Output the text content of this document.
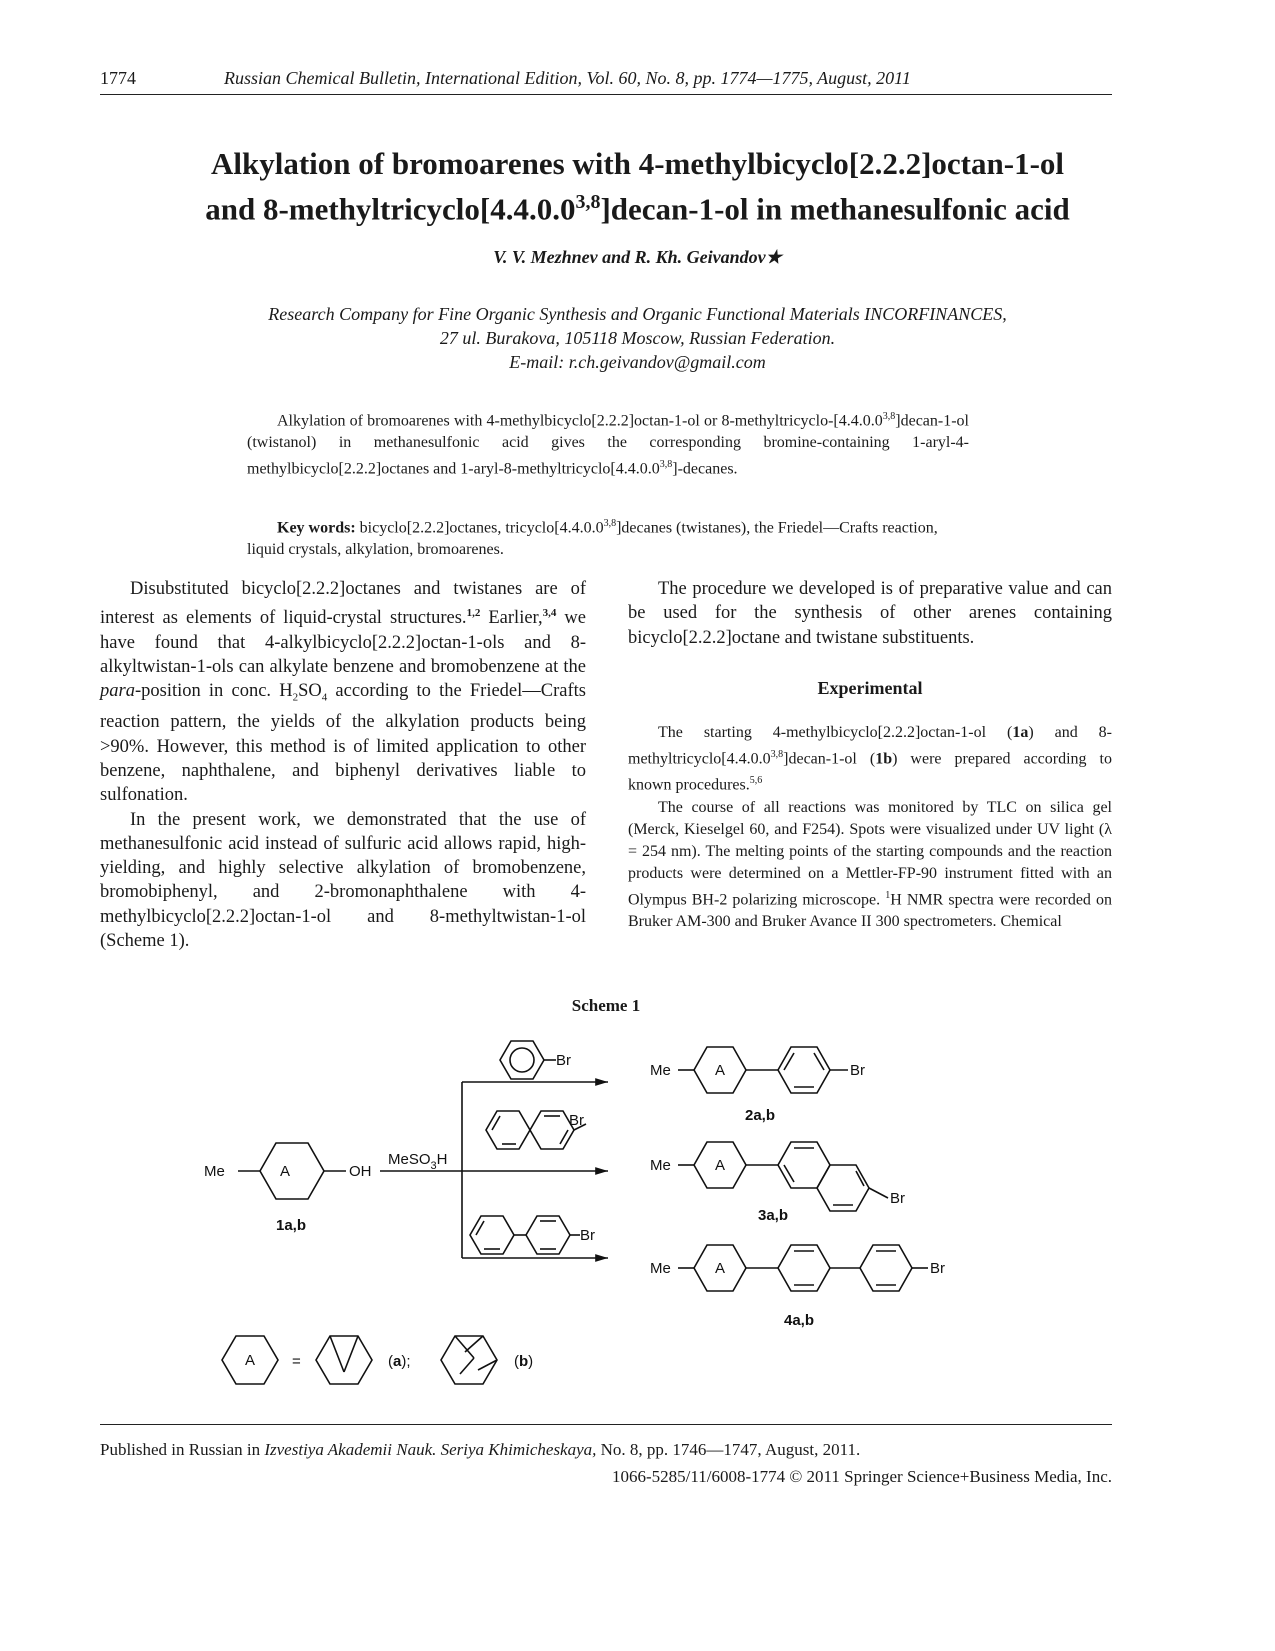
1774	Russian Chemical Bulletin, International Edition, Vol. 60, No. 8, pp. 1774—1775, August, 2011
Alkylation of bromoarenes with 4-methylbicyclo[2.2.2]octan-1-ol
and 8-methyltricyclo[4.4.0.0$^{3,8}$]decan-1-ol in methanesulfonic acid
V. V. Mezhnev and R. Kh. Geivandov★
Research Company for Fine Organic Synthesis and Organic Functional Materials INCORFINANCES,
27 ul. Burakova, 105118 Moscow, Russian Federation.
E-mail: r.ch.geivandov@gmail.com

Alkylation of bromoarenes with 4-methylbicyclo[2.2.2]octan-1-ol or 8-methyltricyclo-[4.4.0.0$^{3,8}$]decan-1-ol (twistanol) in methanesulfonic acid gives the corresponding bromine-containing 1-aryl-4-methylbicyclo[2.2.2]octanes and 1-aryl-8-methyltricyclo[4.4.0.0$^{3,8}$]-decanes.

Key words: bicyclo[2.2.2]octanes, tricyclo[4.4.0.0$^{3,8}$]decanes (twistanes), the Friedel—Crafts reaction, liquid crystals, alkylation, bromoarenes.

Disubstituted bicyclo[2.2.2]octanes and twistanes are of interest as elements of liquid-crystal structures.$^{1,2}$ Earlier,$^{3,4}$ we have found that 4-alkylbicyclo[2.2.2]octan-1-ols and 8-alkyltwistan-1-ols can alkylate benzene and bromobenzene at the para-position in conc. $H_2SO_4$ according to the Friedel—Crafts reaction pattern, the yields of the alkylation products being >90%. However, this method is of limited application to other benzene, naphthalene, and biphenyl derivatives liable to sulfonation.

In the present work, we demonstrated that the use of methanesulfonic acid instead of sulfuric acid allows rapid, high-yielding, and highly selective alkylation of bromobenzene, bromobiphenyl, and 2-bromonaphthalene with 4-methylbicyclo[2.2.2]octan-1-ol and 8-methyltwistan-1-ol (Scheme 1).

The procedure we developed is of preparative value and can be used for the synthesis of other arenes containing bicyclo[2.2.2]octane and twistane substituents.

Experimental

The starting 4-methylbicyclo[2.2.2]octan-1-ol (1a) and 8-methyltricyclo[4.4.0.0$^{3,8}$]decan-1-ol (1b) were prepared according to known procedures.$^{5,6}$

The course of all reactions was monitored by TLC on silica gel (Merck, Kieselgel 60, and F254). Spots were visualized under UV light (λ = 254 nm). The melting points of the starting compounds and the reaction products were determined on a Mettler-FP-90 instrument fitted with an Olympus BH-2 polarizing microscope. $^1$H NMR spectra were recorded on Bruker AM-300 and Bruker Avance II 300 spectrometers. Chemical

Scheme 1
Me	A	OH
1a,b
MeSO$_3$H
Br
Br
Br
Me	A	Br
2a,b
Me	A
Br
3a,b
Me	A	Br
4a,b
A =	(a);	(b)
Published in Russian in Izvestiya Akademii Nauk. Seriya Khimicheskaya, No. 8, pp. 1746—1747, August, 2011.
1066-5285/11/6008-1774 © 2011 Springer Science+Business Media, Inc.
